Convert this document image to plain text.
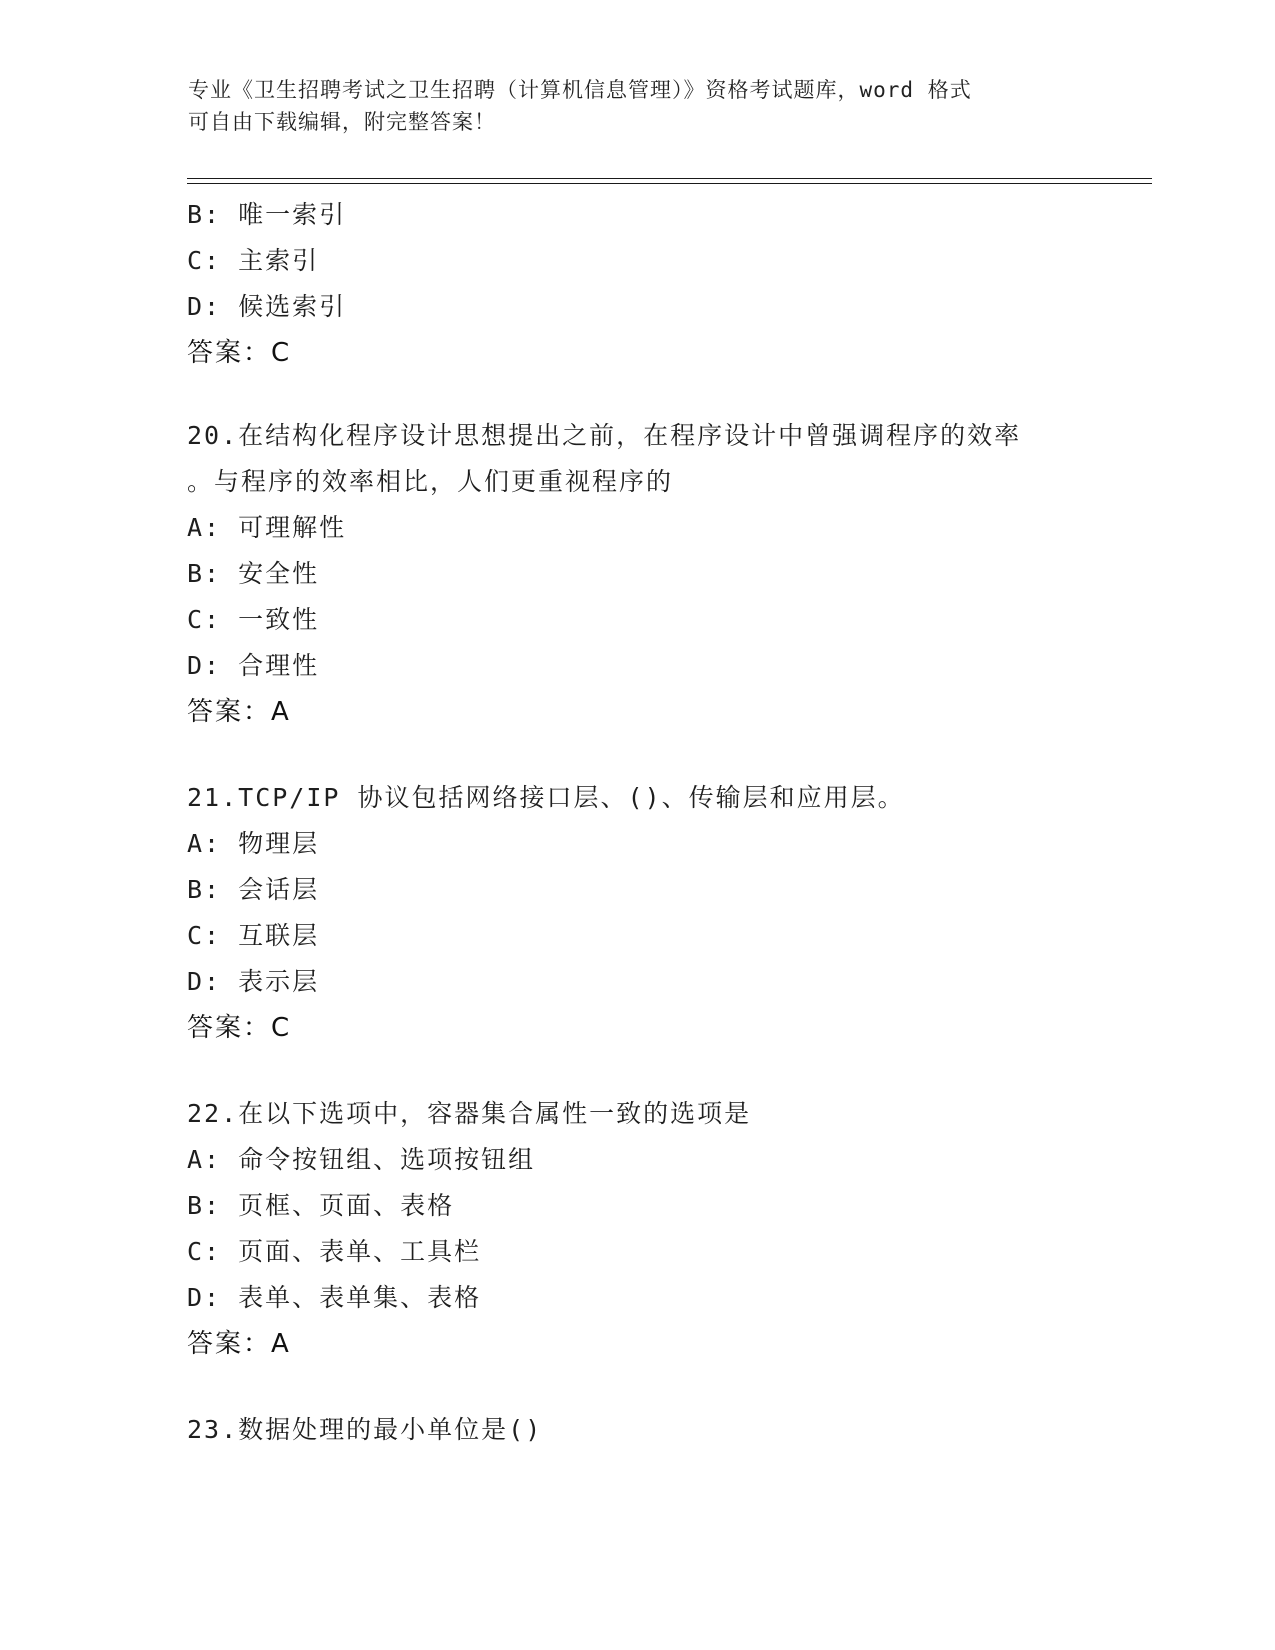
专业《卫生招聘考试之卫生招聘（计算机信息管理）》资格考试题库，word 格式
可自由下载编辑，附完整答案！
B: 唯一索引
C: 主索引
D: 候选索引
答案：C
20.在结构化程序设计思想提出之前，在程序设计中曾强调程序的效率
。与程序的效率相比，人们更重视程序的
A: 可理解性
B: 安全性
C: 一致性
D: 合理性
答案：A
21.TCP/IP 协议包括网络接口层、()、传输层和应用层。
A: 物理层
B: 会话层
C: 互联层
D: 表示层
答案：C
22.在以下选项中，容器集合属性一致的选项是
A: 命令按钮组、选项按钮组
B: 页框、页面、表格
C: 页面、表单、工具栏
D: 表单、表单集、表格
答案：A
23.数据处理的最小单位是()
